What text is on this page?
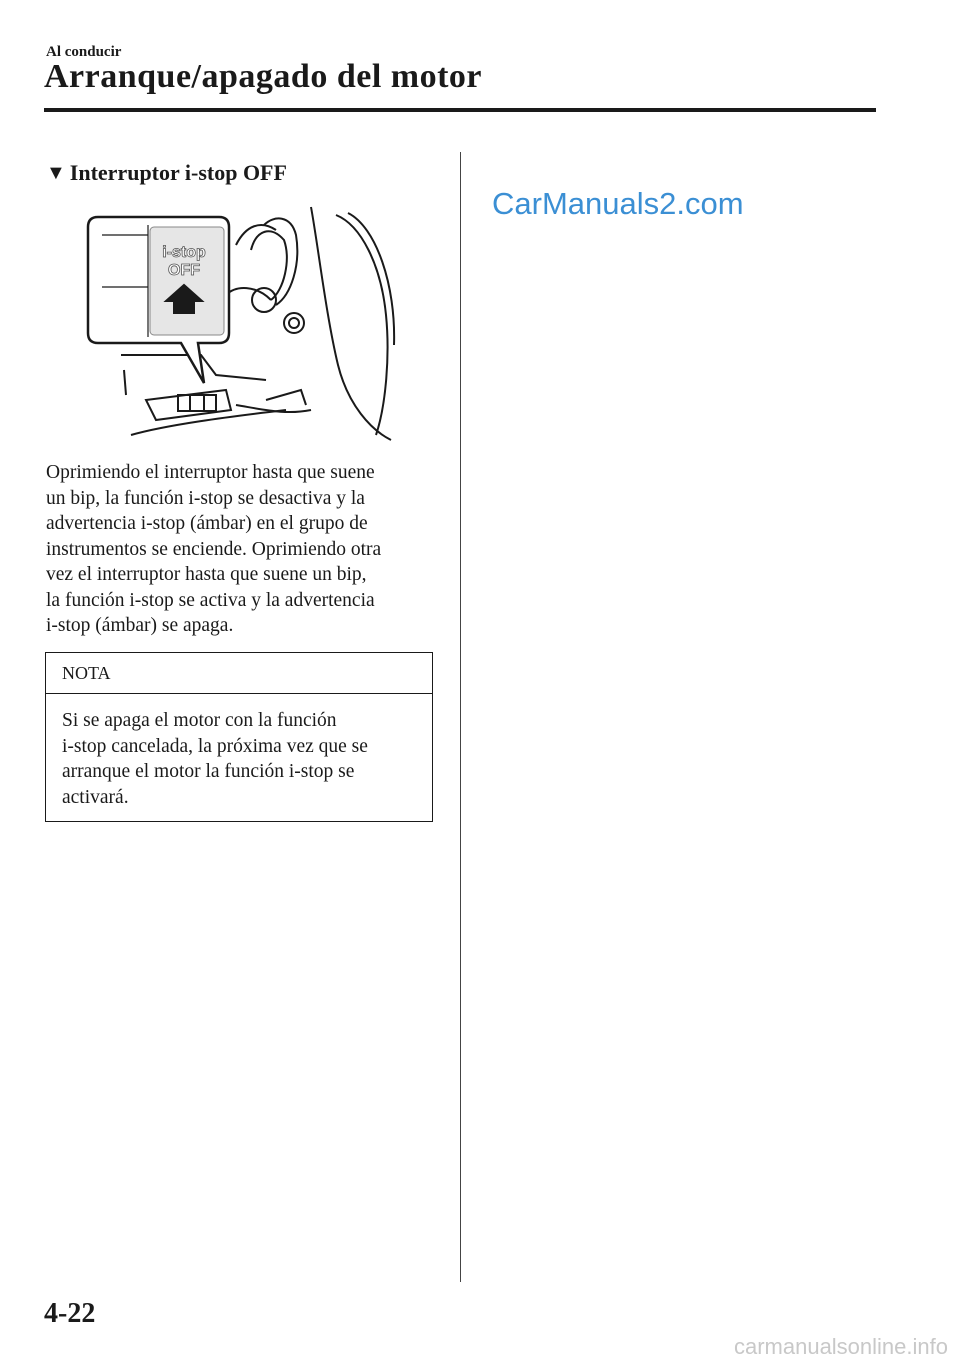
Al conducir
Arranque/apagado del motor
▼ Interruptor i-stop OFF
i-stop
OFF
Oprimiendo el interruptor hasta que suene
un bip, la función i-stop se desactiva y la
advertencia i-stop (ámbar) en el grupo de
instrumentos se enciende. Oprimiendo otra
vez el interruptor hasta que suene un bip,
la función i-stop se activa y la advertencia
i-stop (ámbar) se apaga.
NOTA
Si se apaga el motor con la función
i-stop cancelada, la próxima vez que se
arranque el motor la función i-stop se
activará.
CarManuals2.com
4-22
carmanualsonline.info
